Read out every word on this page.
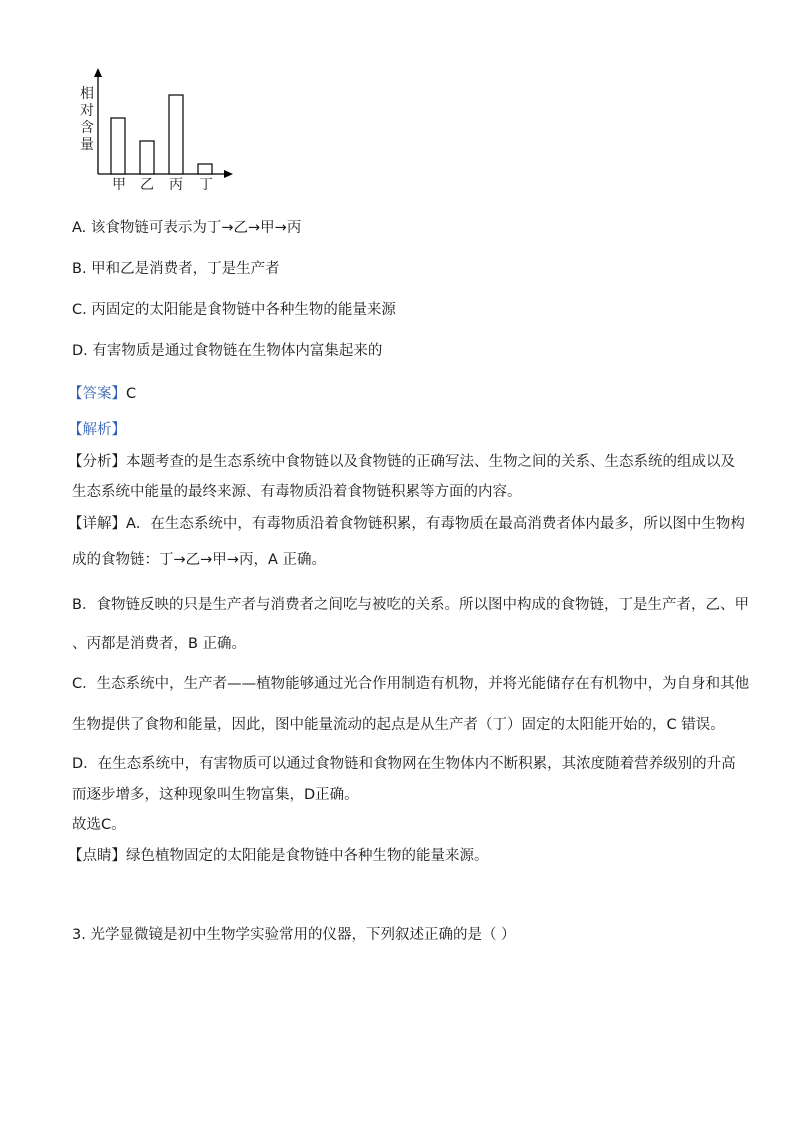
相对含量
甲 乙 丙 丁
A. 该食物链可表示为丁→乙→甲→丙
B. 甲和乙是消费者，丁是生产者
C. 丙固定的太阳能是食物链中各种生物的能量来源
D. 有害物质是通过食物链在生物体内富集起来的
【答案】C
【解析】
【分析】本题考查的是生态系统中食物链以及食物链的正确写法、生物之间的关系、生态系统的组成以及
生态系统中能量的最终来源、有毒物质沿着食物链积累等方面的内容。
【详解】A．在生态系统中，有毒物质沿着食物链积累，有毒物质在最高消费者体内最多，所以图中生物构
成的食物链：丁→乙→甲→丙，A 正确。
B．食物链反映的只是生产者与消费者之间吃与被吃的关系。所以图中构成的食物链，丁是生产者，乙、甲
、丙都是消费者，B 正确。
C．生态系统中，生产者——植物能够通过光合作用制造有机物，并将光能储存在有机物中，为自身和其他
生物提供了食物和能量，因此，图中能量流动的起点是从生产者（丁）固定的太阳能开始的，C 错误。
D．在生态系统中，有害物质可以通过食物链和食物网在生物体内不断积累，其浓度随着营养级别的升高
而逐步增多，这种现象叫生物富集，D正确。
故选C。
【点睛】绿色植物固定的太阳能是食物链中各种生物的能量来源。
3. 光学显微镜是初中生物学实验常用的仪器，下列叙述正确的是（ ）
